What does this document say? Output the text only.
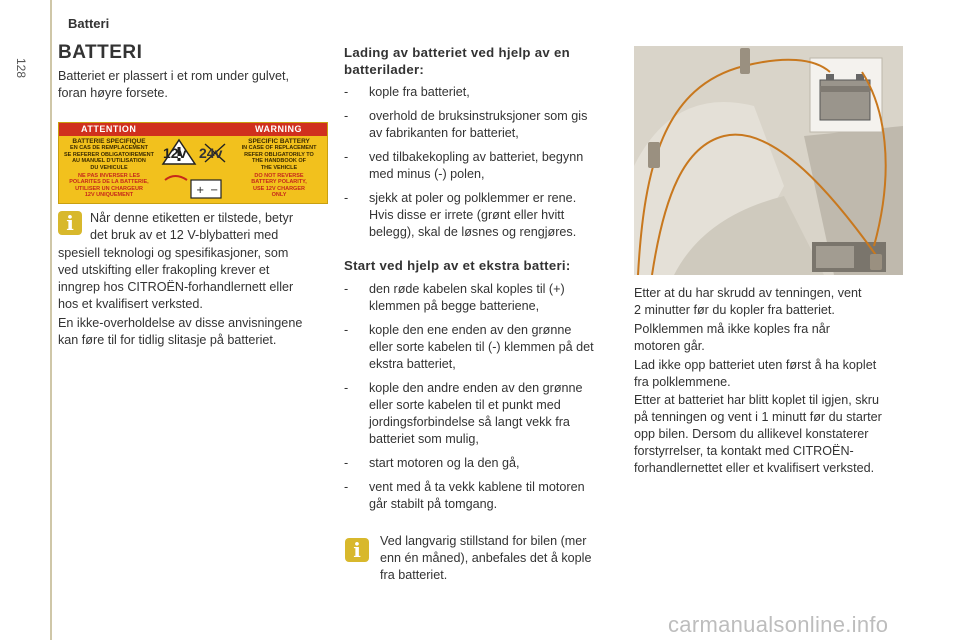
128
Batteri
BATTERI
Batteriet er plassert i et rom under gulvet,
foran høyre forsete.
ATTENTION	WARNING
BATTERIE SPECIFIQUE
EN CAS DE REMPLACEMENT
SE REFERER OBLIGATOIREMENT
AU MANUEL D'UTILISATION
DU VEHICULE
SPECIFIC BATTERY
IN CASE OF REPLACEMENT
REFER OBLIGATORILY TO
THE HANDBOOK OF
THE VEHICLE
NE PAS INVERSER LES
POLARITES DE LA BATTERIE,
UTILISER UN CHARGEUR
12V UNIQUEMENT
DO NOT REVERSE
BATTERY POLARITY,
USE 12V CHARGER
ONLY
+ −
12v 24v
i	Når denne etiketten er tilstede, betyr
det bruk av et 12 V-blybatteri med
spesiell teknologi og spesifikasjoner, som
ved utskifting eller frakopling krever et
inngrep hos CITROËN-forhandlernett eller
hos et kvalifisert verksted.
En ikke-overholdelse av disse anvisningene
kan føre til for tidlig slitasje på batteriet.
Lading av batteriet ved hjelp av en
batterilader:
- kople fra batteriet,
- overhold de bruksinstruksjoner som gis
av fabrikanten for batteriet,
- ved tilbakekopling av batteriet, begynn
med minus (-) polen,
- sjekk at poler og polklemmer er rene.
Hvis disse er irrete (grønt eller hvitt
belegg), skal de løsnes og rengjøres.
Start ved hjelp av et ekstra batteri:
- den røde kabelen skal koples til (+)
klemmen på begge batteriene,
- kople den ene enden av den grønne
eller sorte kabelen til (-) klemmen på det
ekstra batteriet,
- kople den andre enden av den grønne
eller sorte kabelen til et punkt med
jordingsforbindelse så langt vekk fra
batteriet som mulig,
- start motoren og la den gå,
- vent med å ta vekk kablene til motoren
går stabilt på tomgang.
i	Ved langvarig stillstand for bilen (mer
enn én måned), anbefales det å kople
fra batteriet.
Etter at du har skrudd av tenningen, vent
2 minutter før du kopler fra batteriet.
Polklemmen må ikke koples fra når
motoren går.
Lad ikke opp batteriet uten først å ha koplet
fra polklemmene.
Etter at batteriet har blitt koplet til igjen, skru
på tenningen og vent i 1 minutt før du starter
opp bilen. Dersom du allikevel konstaterer
forstyrrelser, ta kontakt med CITROËN-
forhandlernettet eller et kvalifisert verksted.
carmanualsonline.info
